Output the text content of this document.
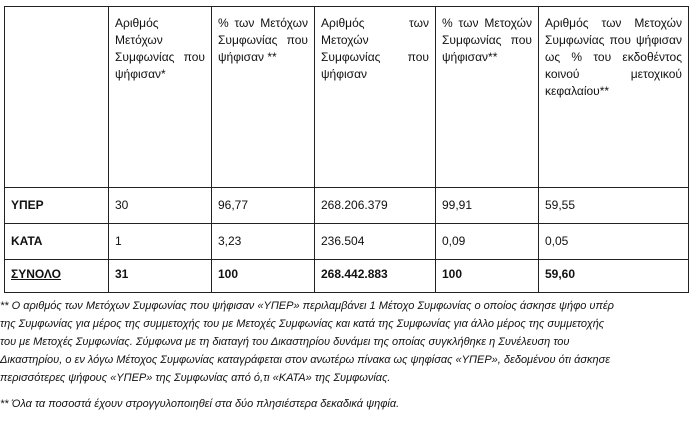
	Αριθμός Μετόχων Συμφωνίας που ψήφισαν*	% των Μετόχων Συμφωνίας που ψήφισαν **	Αριθμός των Μετοχών Συμφωνίας που ψήφισαν	% των Μετοχών Συμφωνίας που ψήφισαν**	Αριθμός των Μετοχών Συμφωνίας που ψήφισαν ως % του εκδοθέντος κοινού μετοχικού κεφαλαίου**
ΥΠΕΡ	30	96,77	268.206.379	99,91	59,55
ΚΑΤΑ	1	3,23	236.504	0,09	0,05
ΣΥΝΟΛΟ	31	100	268.442.883	100	59,60

** Ο αριθμός των Μετόχων Συμφωνίας που ψήφισαν «ΥΠΕΡ» περιλαμβάνει 1 Μέτοχο Συμφωνίας ο οποίος άσκησε ψήφο υπέρ

της Συμφωνίας για μέρος της συμμετοχής του με Μετοχές Συμφωνίας και κατά της Συμφωνίας για άλλο μέρος της συμμετοχής

του με Μετοχές Συμφωνίας. Σύμφωνα με τη διαταγή του Δικαστηρίου δυνάμει της οποίας συγκλήθηκε η Συνέλευση του

Δικαστηρίου, ο εν λόγω Μέτοχος Συμφωνίας καταγράφεται στον ανωτέρω πίνακα ως ψηφίσας «ΥΠΕΡ», δεδομένου ότι άσκησε

περισσότερες ψήφους «ΥΠΕΡ» της Συμφωνίας από ό,τι «ΚΑΤΑ» της Συμφωνίας.

** Όλα τα ποσοστά έχουν στρογγυλοποιηθεί στα δύο πλησιέστερα δεκαδικά ψηφία.
